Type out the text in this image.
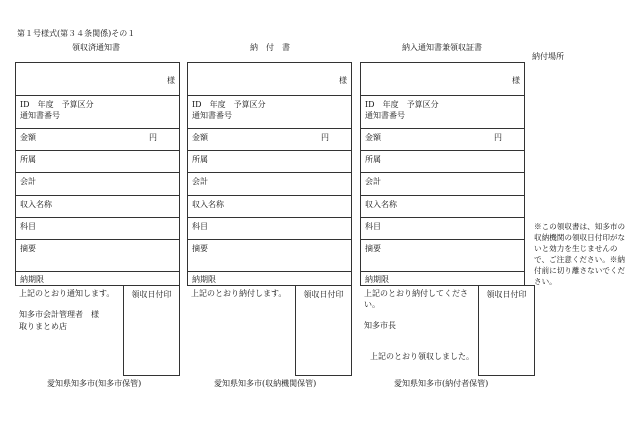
第１号様式(第３４条関係)その１
納付場所
領収済通知書	納　付　書	納入通知書兼領収証書
様
ID　年度　予算区分
通知書番号
金額	円
所属
会計
収入名称
科目
摘要
納期限
領収日付印
上記のとおり通知します。
知多市会計管理者　様
取りまとめ店
愛知県知多市(知多市保管)
様
ID　年度　予算区分
通知書番号
金額	円
所属
会計
収入名称
科目
摘要
納期限
領収日付印
上記のとおり納付します。
愛知県知多市(収納機関保管)
様
ID　年度　予算区分
通知書番号
金額	円
所属
会計
収入名称
科目
摘要
納期限
領収日付印
上記のとおり納付してくださ
い。
知多市長
上記のとおり領収しました。
愛知県知多市(納付者保管)
※この領収書は、知多市の収納機関の領収日付印がないと効力を生じませんので、ご注意ください。※納付前に切り離さないでください。
